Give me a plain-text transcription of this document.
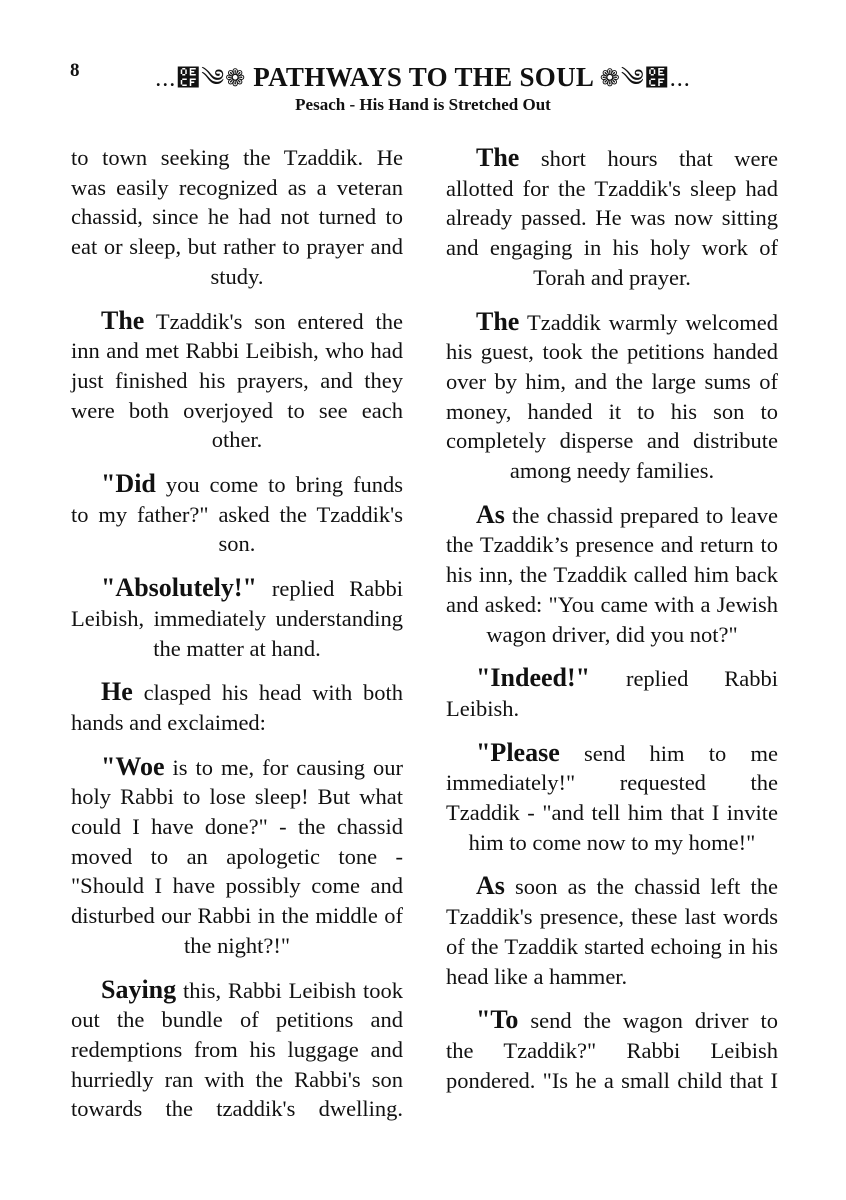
8	...໏༄❁ PATHWAYS TO THE SOUL ❁༄໏...
Pesach - His Hand is Stretched Out

to town seeking the Tzaddik. He was easily recognized as a veteran chassid, since he had not turned to eat or sleep, but rather to prayer and study.

The Tzaddik's son entered the inn and met Rabbi Leibish, who had just finished his prayers, and they were both overjoyed to see each other.

"Did you come to bring funds to my father?" asked the Tzaddik's son.

"Absolutely!" replied Rabbi Leibish, immediately understanding the matter at hand.

He clasped his head with both hands and exclaimed:

"Woe is to me, for causing our holy Rabbi to lose sleep! But what could I have done?" - the chassid moved to an apologetic tone - "Should I have possibly come and disturbed our Rabbi in the middle of the night?!"

Saying this, Rabbi Leibish took out the bundle of petitions and redemptions from his luggage and hurriedly ran with the Rabbi's son towards the tzaddik's dwelling.

The short hours that were allotted for the Tzaddik's sleep had already passed. He was now sitting and engaging in his holy work of Torah and prayer.

The Tzaddik warmly welcomed his guest, took the petitions handed over by him, and the large sums of money, handed it to his son to completely disperse and distribute among needy families.

As the chassid prepared to leave the Tzaddik’s presence and return to his inn, the Tzaddik called him back and asked: "You came with a Jewish wagon driver, did you not?"

"Indeed!" replied Rabbi Leibish.

"Please send him to me immediately!" requested the Tzaddik - "and tell him that I invite him to come now to my home!"

As soon as the chassid left the Tzaddik's presence, these last words of the Tzaddik started echoing in his head like a hammer.

"To send the wagon driver to the Tzaddik?" Rabbi Leibish pondered. "Is he a small child that I
